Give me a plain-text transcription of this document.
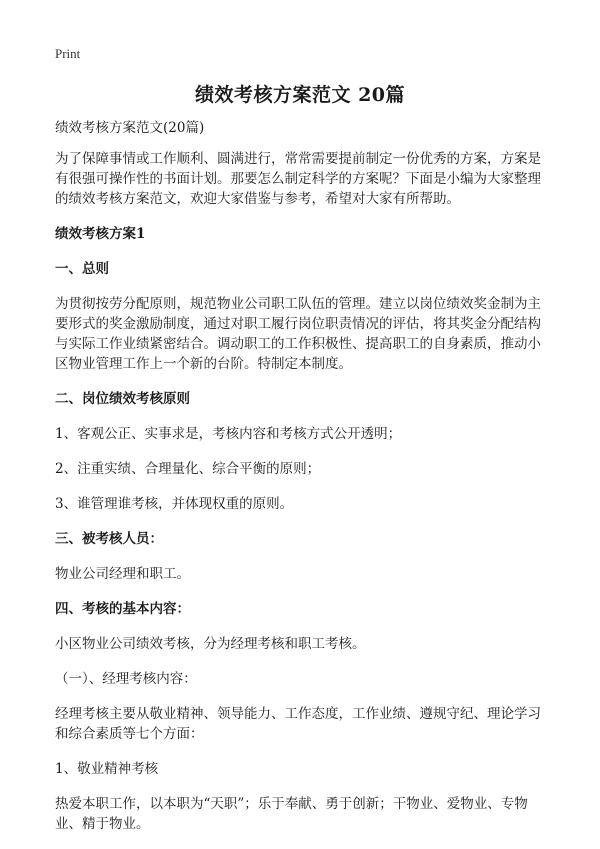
Print
绩效考核方案范文 20篇

绩效考核方案范文(20篇)

为了保障事情或工作顺利、圆满进行，常常需要提前制定一份优秀的方案，方案是有很强可操作性的书面计划。那要怎么制定科学的方案呢？下面是小编为大家整理的绩效考核方案范文，欢迎大家借鉴与参考，希望对大家有所帮助。

绩效考核方案1

一、总则

为贯彻按劳分配原则，规范物业公司职工队伍的管理。建立以岗位绩效奖金制为主要形式的奖金激励制度，通过对职工履行岗位职责情况的评估，将其奖金分配结构与实际工作业绩紧密结合。调动职工的工作积极性、提高职工的自身素质，推动小区物业管理工作上一个新的台阶。特制定本制度。

二、岗位绩效考核原则

1、客观公正、实事求是，考核内容和考核方式公开透明；

2、注重实绩、合理量化、综合平衡的原则；

3、谁管理谁考核，并体现权重的原则。

三、被考核人员：

物业公司经理和职工。

四、考核的基本内容：

小区物业公司绩效考核，分为经理考核和职工考核。

（一）、经理考核内容：

经理考核主要从敬业精神、领导能力、工作态度，工作业绩、遵规守纪、理论学习和综合素质等七个方面：

1、敬业精神考核

热爱本职工作，以本职为“天职”；乐于奉献、勇于创新；干物业、爱物业、专物业、精于物业。
